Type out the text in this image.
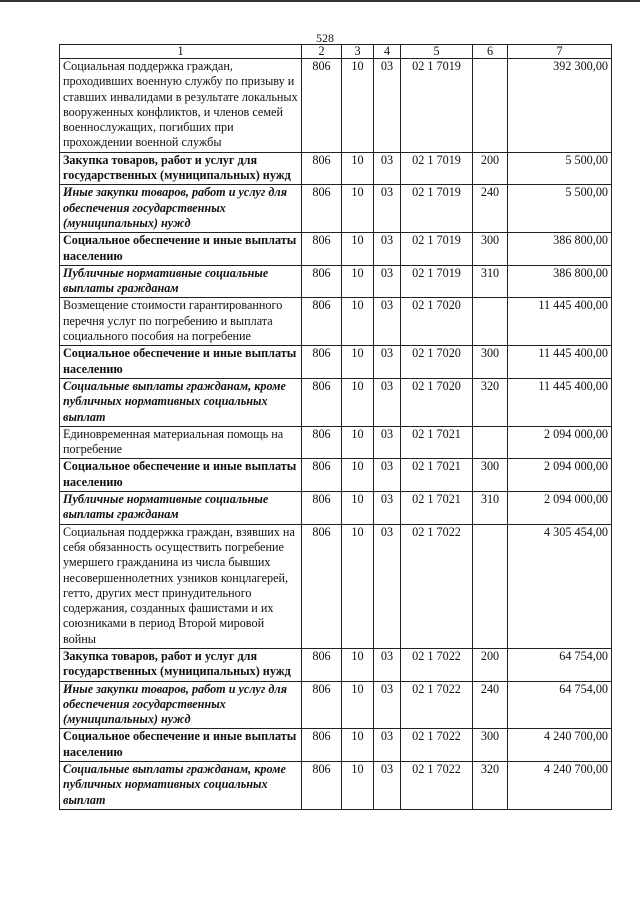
528
1	2	3	4	5	6	7
Социальная поддержка граждан, проходивших военную службу по призыву и ставших инвалидами в результате локальных вооруженных конфликтов, и членов семей военнослужащих, погибших при прохождении военной службы	806	10	03	02 1 7019		392 300,00
Закупка товаров, работ и услуг для государственных (муниципальных) нужд	806	10	03	02 1 7019	200	5 500,00
Иные закупки товаров, работ и услуг для обеспечения государственных (муниципальных) нужд	806	10	03	02 1 7019	240	5 500,00
Социальное обеспечение и иные выплаты населению	806	10	03	02 1 7019	300	386 800,00
Публичные нормативные социальные выплаты гражданам	806	10	03	02 1 7019	310	386 800,00
Возмещение стоимости гарантированного перечня услуг по погребению и выплата социального пособия на погребение	806	10	03	02 1 7020		11 445 400,00
Социальное обеспечение и иные выплаты населению	806	10	03	02 1 7020	300	11 445 400,00
Социальные выплаты гражданам, кроме публичных нормативных социальных выплат	806	10	03	02 1 7020	320	11 445 400,00
Единовременная материальная помощь на погребение	806	10	03	02 1 7021		2 094 000,00
Социальное обеспечение и иные выплаты населению	806	10	03	02 1 7021	300	2 094 000,00
Публичные нормативные социальные выплаты гражданам	806	10	03	02 1 7021	310	2 094 000,00
Социальная поддержка граждан, взявших на себя обязанность осуществить погребение умершего гражданина из числа бывших несовершеннолетних узников концлагерей, гетто, других мест принудительного содержания, созданных фашистами и их союзниками в период Второй мировой войны	806	10	03	02 1 7022		4 305 454,00
Закупка товаров, работ и услуг для государственных (муниципальных) нужд	806	10	03	02 1 7022	200	64 754,00
Иные закупки товаров, работ и услуг для обеспечения государственных (муниципальных) нужд	806	10	03	02 1 7022	240	64 754,00
Социальное обеспечение и иные выплаты населению	806	10	03	02 1 7022	300	4 240 700,00
Социальные выплаты гражданам, кроме публичных нормативных социальных выплат	806	10	03	02 1 7022	320	4 240 700,00
